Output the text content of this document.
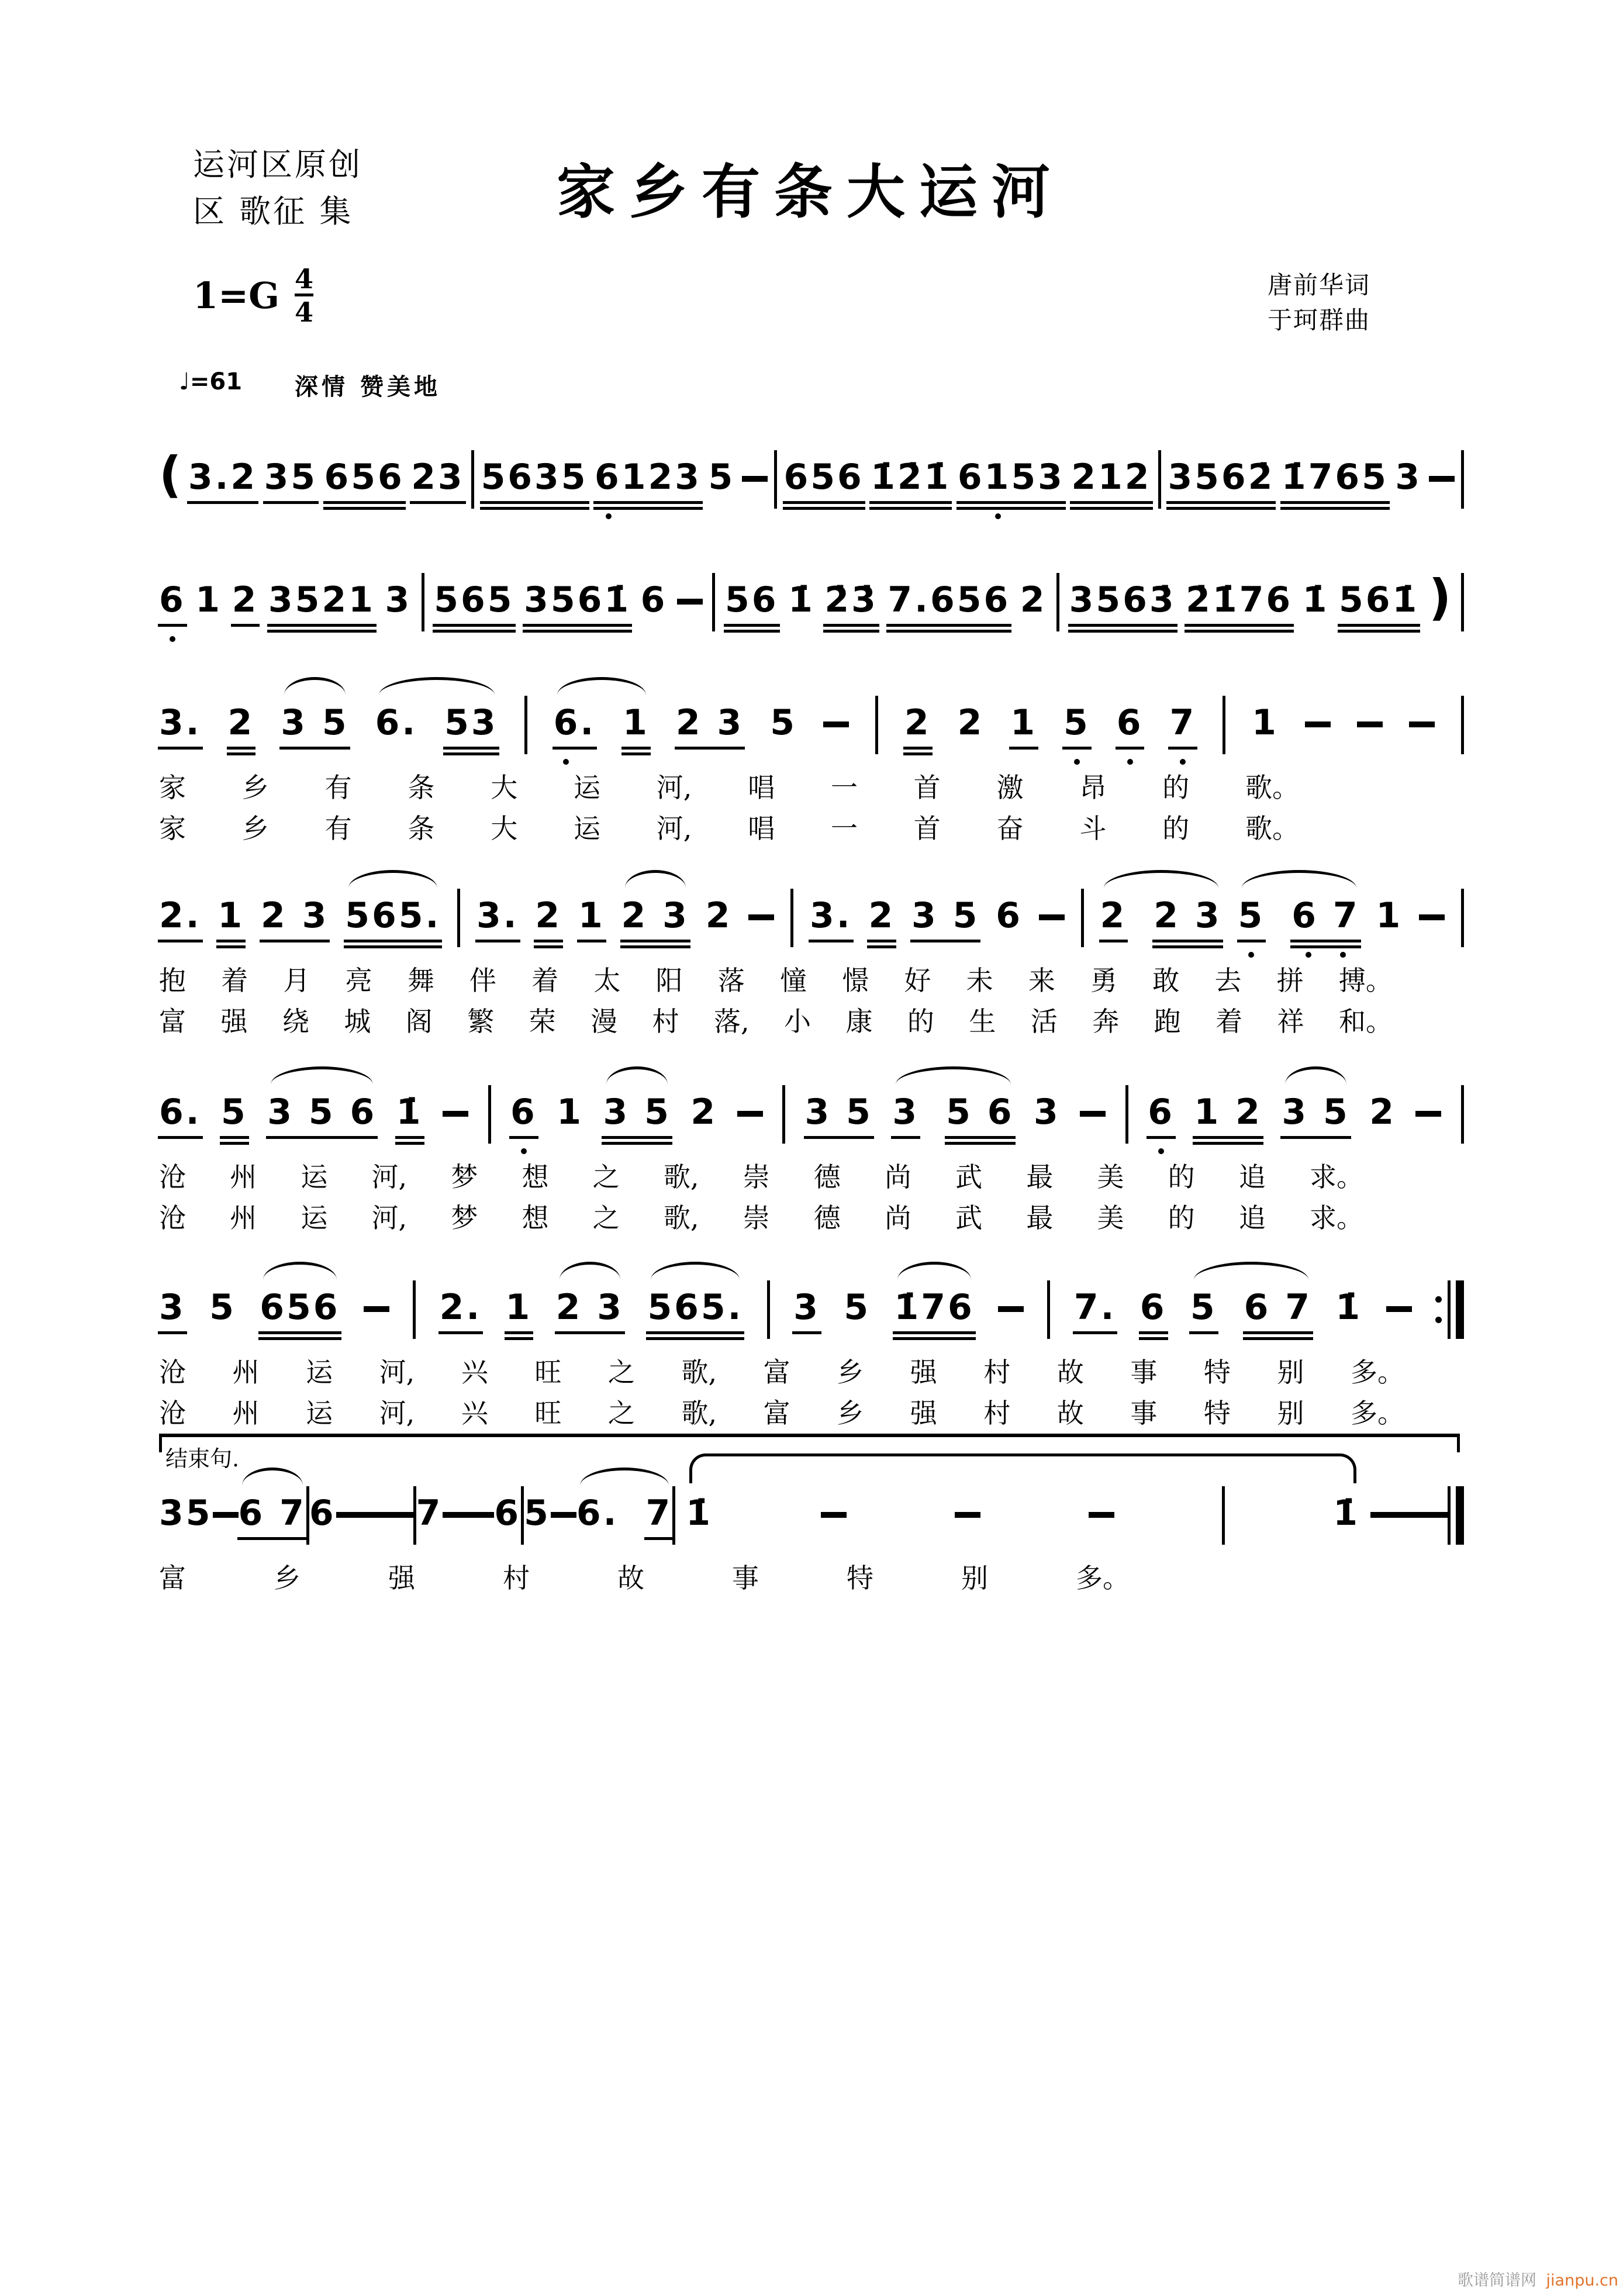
运河区原创
区 歌征 集	家乡有条大运河
$1=G \frac{4}{4}$	唐前华词
于珂群曲
♩=61 深情 赞美地
( 3.2 35 656 23 5635 6123 5 656 1̇2̇1̇ 6153 212 3562̇ 1̇765 3
6 1 2 3521 3 565 3561̇ 6 56 1̇ 2̇3̇ 7.656 2 3563̇ 2̇1̇76 1̇ 561̇ )
3. 2 3 5 6. 53 6. 1 2 3 5	2 2 1 5 6 7 1
家 乡 有 条 大 运 河, 唱 一 首 激 昂 的 歌。
家 乡 有 条 大 运 河, 唱 一 首 奋 斗 的 歌。
2. 1 2 3 565. 3. 2 1 2 3 2 3. 2 3 5 6 2 2 3 5 6 7 1
抱 着 月 亮 舞 伴 着 太 阳 落 憧 憬 好 未 来 勇 敢 去 拼 搏。
富 强 绕 城 阁 繁 荣 漫 村 落, 小 康 的 生 活 奔 跑 着 祥 和。
6. 5 3 5 6 1̇ 6 1 3 5 2 3 5 3 5 6 3 6 1 2 3 5 2
沧 州 运 河, 梦 想 之 歌, 崇 德 尚 武 最 美 的 追 求。
沧 州 运 河, 梦 想 之 歌, 崇 德 尚 武 最 美 的 追 求。
3 5 656	2. 1 2 3 565. 3 5 1̇76	7. 6 5 6 7 1̇
沧 州 运 河, 兴 旺 之 歌, 富 乡 强 村 故 事 特 别 多。
沧 州 运 河, 兴 旺 之 歌, 富 乡 强 村 故 事 特 别 多。
结束句.
3 5 6 7 6 7 6 5 6. 7 1̇	1̇
富	乡	强	村	故	事	特	别	多。
歌谱简谱网 jianpu.cn
